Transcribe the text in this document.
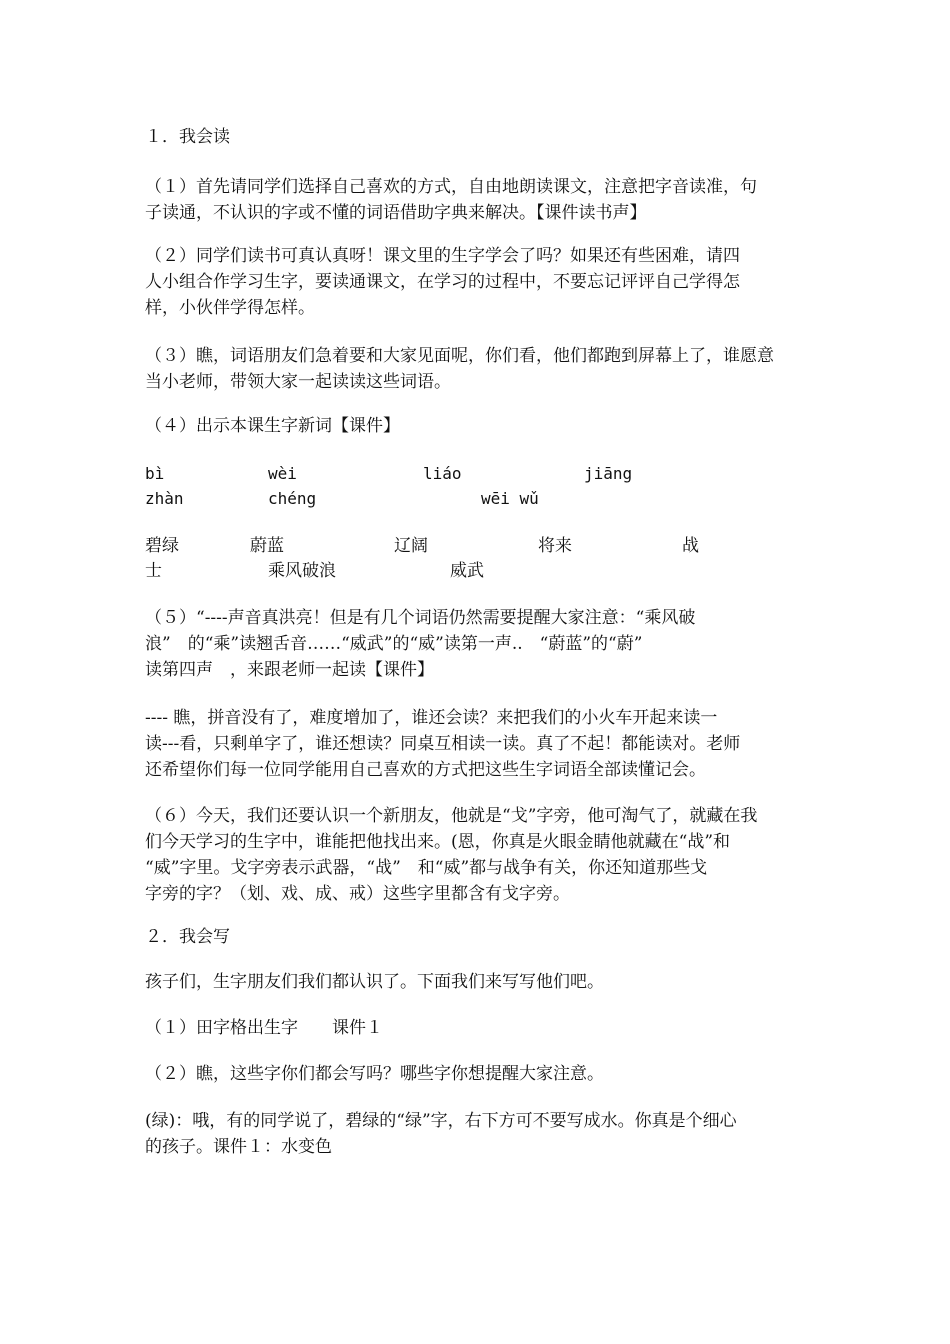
１．我会读

（１）首先请同学们选择自己喜欢的方式，自由地朗读课文，注意把字音读准，句

子读通，不认识的字或不懂的词语借助字典来解决。【课件读书声】

（２）同学们读书可真认真呀！课文里的生字学会了吗？如果还有些困难，请四

人小组合作学习生字，要读通课文，在学习的过程中，不要忘记评评自己学得怎

样，小伙伴学得怎样。

（３）瞧，词语朋友们急着要和大家见面呢，你们看，他们都跑到屏幕上了，谁愿意

当小老师，带领大家一起读读这些词语。

（４）出示本课生字新词【课件】

bì	wèi	liáo	jiāng

zhàn	chéng	wēi wǔ

碧绿	蔚蓝	辽阔	将来	战

士	乘风破浪	威武

（５）“----声音真洪亮！但是有几个词语仍然需要提醒大家注意：“乘风破

浪”　的“乘”读翘舌音……“威武”的“威”读第一声..　“蔚蓝”的“蔚”

读第四声　，来跟老师一起读【课件】

---- 瞧，拼音没有了，难度增加了，谁还会读？来把我们的小火车开起来读一

读---看，只剩单字了，谁还想读？同桌互相读一读。真了不起！都能读对。老师

还希望你们每一位同学能用自己喜欢的方式把这些生字词语全部读懂记会。

（６）今天，我们还要认识一个新朋友，他就是“戈”字旁，他可淘气了，就藏在我

们今天学习的生字中，谁能把他找出来。(恩，你真是火眼金睛他就藏在“战”和

“威”字里。戈字旁表示武器，“战”　和“威”都与战争有关，你还知道那些戈

字旁的字？（划、戏、成、戒）这些字里都含有戈字旁。

２．我会写

孩子们，生字朋友们我们都认识了。下面我们来写写他们吧。

（１）田字格出生字　　课件１

（２）瞧，这些字你们都会写吗？哪些字你想提醒大家注意。

(绿)：哦，有的同学说了，碧绿的“绿”字，右下方可不要写成水。你真是个细心

的孩子。课件１：水变色
